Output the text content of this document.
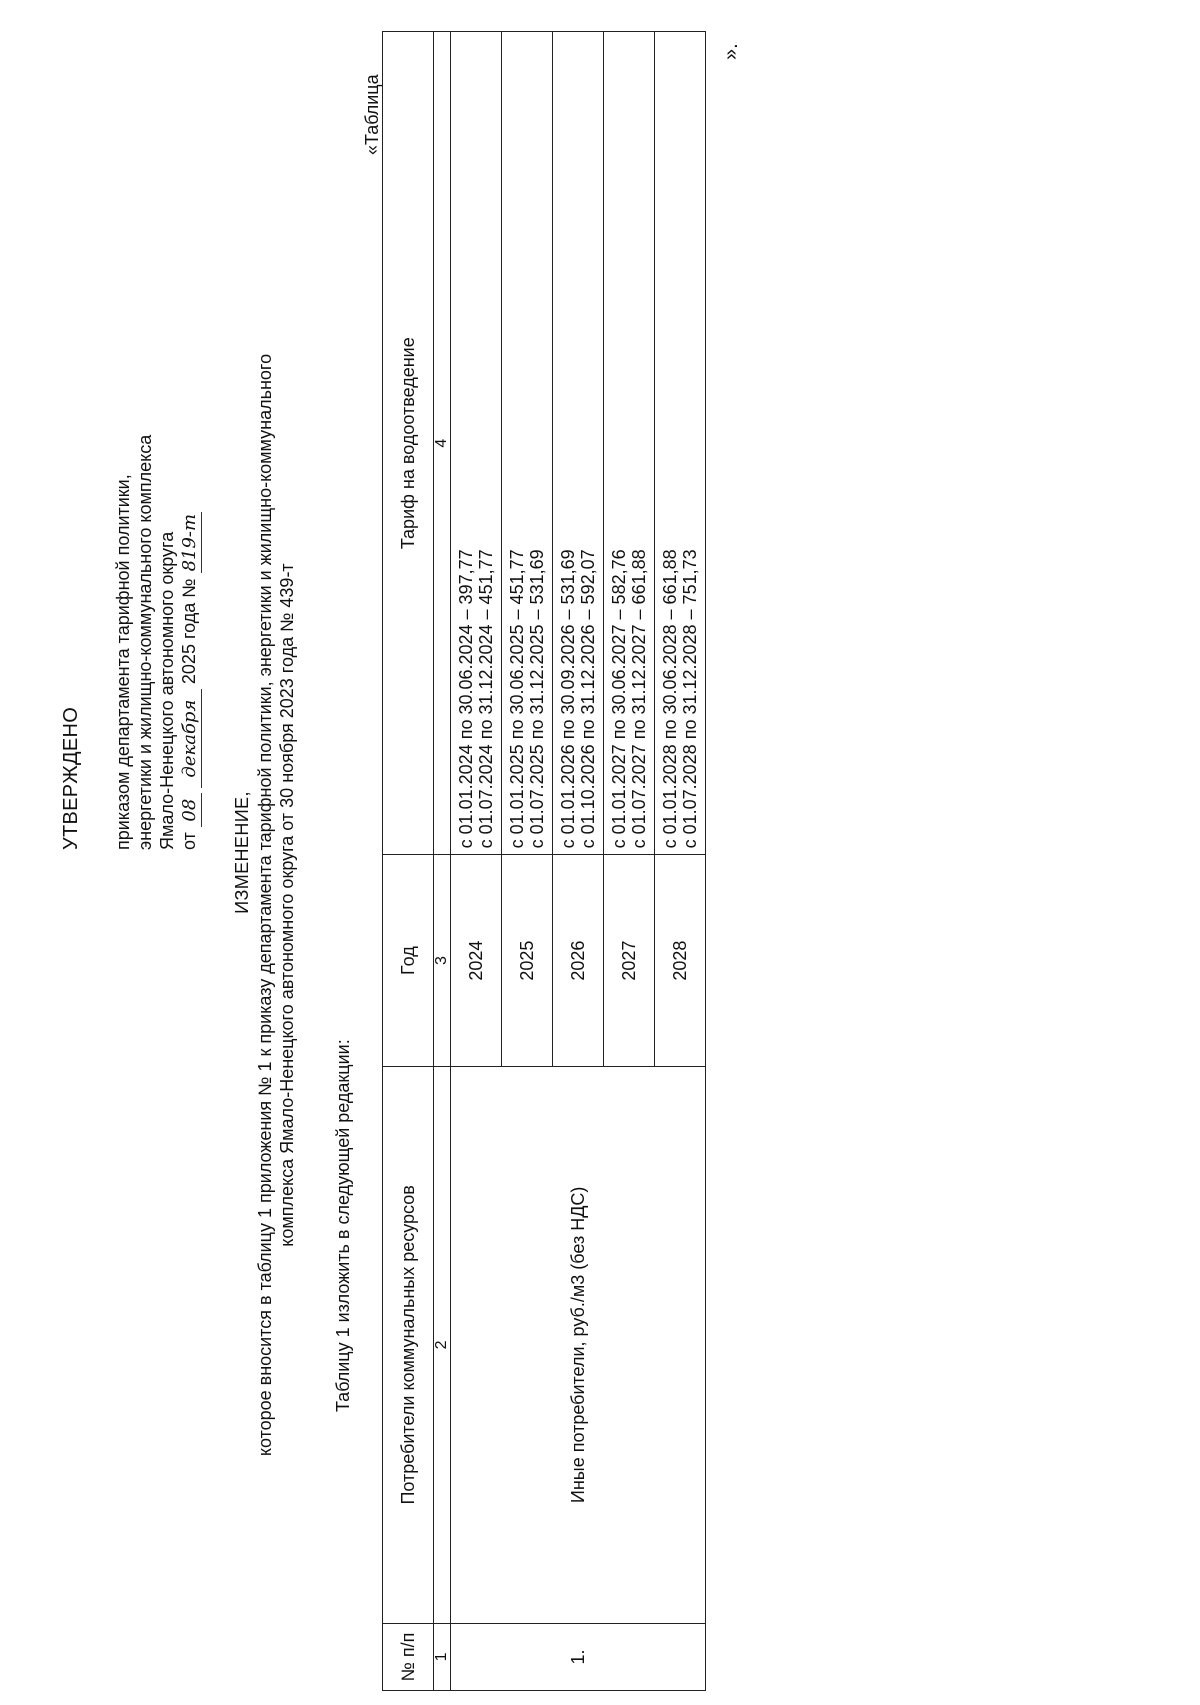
УТВЕРЖДЕНО приказом департамента тарифной политики, энергетики и жилищно-коммунального комплекса Ямало-Ненецкого автономного округа от 08 декабря 2025 года № 819-т
ИЗМЕНЕНИЕ, которое вносится в таблицу 1 приложения № 1 к приказу департамента тарифной политики, энергетики и жилищно-коммунального комплекса Ямало-Ненецкого автономного округа от 30 ноября 2023 года № 439-т Таблицу 1 изложить в следующей редакции:
«Таблица
№ п/п	Потребители коммунальных ресурсов	Год	Тариф на водоотведение
1	2	3	4
1.	Иные потребители, руб./м3 (без НДС)	2024	с 01.01.2024 по 30.06.2024 – 397,77 с 01.07.2024 по 31.12.2024 – 451,77

		2025	с 01.01.2025 по 30.06.2025 – 451,77 с 01.07.2025 по 31.12.2025 – 531,69

		2026	с 01.01.2026 по 30.09.2026 – 531,69 с 01.10.2026 по 31.12.2026 – 592,07

		2027	с 01.01.2027 по 30.06.2027 – 582,76 с 01.07.2027 по 31.12.2027 – 661,88

		2028	с 01.01.2028 по 30.06.2028 – 661,88 с 01.07.2028 по 31.12.2028 – 751,73
».
